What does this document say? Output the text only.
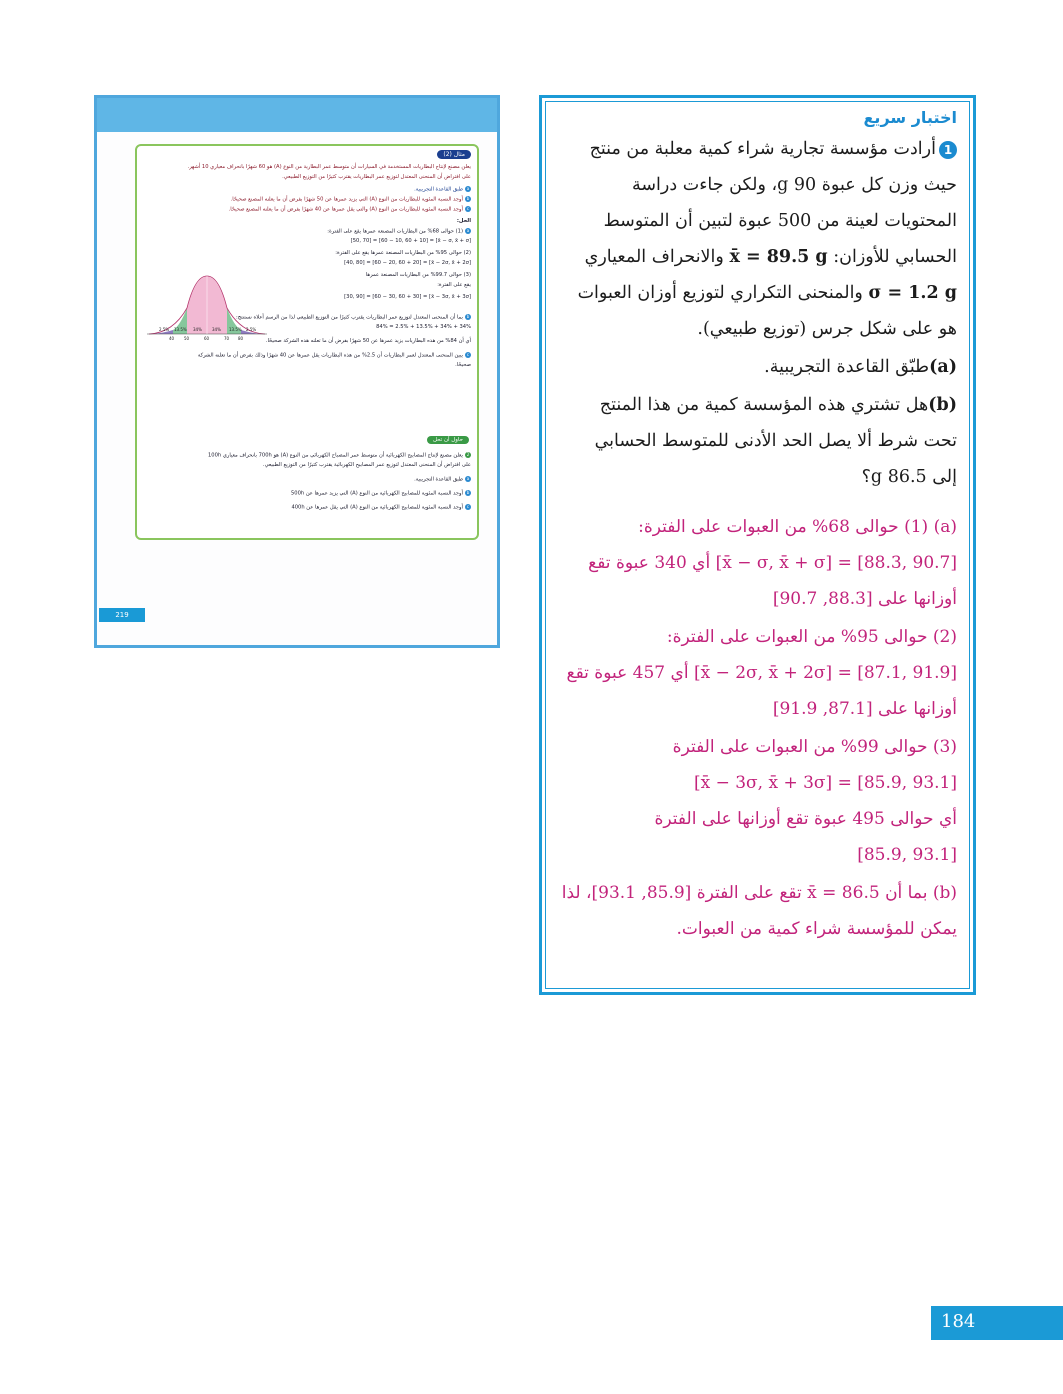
مثال (2)
يعلن مصنع لإنتاج البطاريات المستخدمة في السيارات أن متوسط عمر البطارية من النوع (A) هو 60 شهرًا بانحراف معياري 10 أشهر.
على افتراض أن المنحنى المعتدل لتوزيع عمر البطاريات يقترب كثيرًا من التوزيع الطبيعي.
aطبق القاعدة التجريبية.
bأوجد النسبة المئوية للبطاريات من النوع (A) التي يزيد عمرها عن 50 شهرًا بفرض أن ما يعلنه المصنع صحيحًا.
cأوجد النسبة المئوية للبطاريات من النوع (A) والتي يقل عمرها عن 40 شهرًا بفرض أن ما يعلنه المصنع صحيحًا.
الحل:
a(1) حوالى 68% من البطاريات المصنعة عمرها يقع على الفترة:
[x̄ − σ, x̄ + σ] = [60 − 10, 60 + 10] = [50, 70]
(2) حوالى 95% من البطاريات المصنعة عمرها يقع على الفترة:
[x̄ − 2σ, x̄ + 2σ] = [60 − 20, 60 + 20] = [40, 80]
(3) حوالى 99.7% من البطاريات المصنعة عمرها
يقع على الفترة:
[x̄ − 3σ, x̄ + 3σ] = [60 − 30, 60 + 30] = [30, 90]
bبما أن المنحنى المعتدل لتوزيع عمر البطاريات يقترب كثيرًا من التوزيع الطبيعي لذا من الرسم أعلاه نستنتج:
34% + 34% + 13.5% + 2.5% = 84%
أي أن 84% من هذه البطاريات يزيد عمرها عن 50 شهرًا بفرض أن ما تعلنه هذه الشركة صحيحًا.
cيبين المنحنى المعتدل لعمر البطاريات أن 2.5% من هذه البطاريات يقل عمرها عن 40 شهرًا وذلك بفرض أن ما تعلنه الشركة
صحيحًا.
حاول أن تحل
2يعلن مصنع لإنتاج المصابيح الكهربائية أن متوسط عمر المصباح الكهربائي من النوع (A) هو 700h بانحراف معياري 100h
على افتراض أن المنحنى المعتدل لتوزيع عمر المصابيح الكهربائية يقترب كثيرًا من التوزيع الطبيعي.
aطبق القاعدة التجريبية.
bأوجد النسبة المئوية للمصابيح الكهربائية من النوع (A) التي يزيد عمرها عن 500h
cأوجد النسبة المئوية للمصابيح الكهربائية من النوع (A) التي يقل عمرها عن 400h
2.5% 13.5% 34%	34% 13.5% 2.5%
40 50	60	70 80
219
اختبار سريع

1أرادت مؤسسة تجارية شراء كمية معلبة من منتج

حيث وزن كل عبوة 90 g، ولكن جاءت دراسة

المحتويات لعينة من 500 عبوة لتبين أن المتوسط

الحسابي للأوزان: x̄ = 89.5 g والانحراف المعياري

σ = 1.2 g والمنحنى التكراري لتوزيع أوزان العبوات

هو على شكل جرس (توزيع طبيعي).

(a)طبّق القاعدة التجريبية.

(b)هل تشتري هذه المؤسسة كمية من هذا المنتج

تحت شرط ألا يصل الحد الأدنى للمتوسط الحسابي

إلى 86.5 g؟

(a) (1) حوالى 68% من العبوات على الفترة:

[x̄ − σ, x̄ + σ] = [88.3, 90.7] أي 340 عبوة تقع

أوزانها على [88.3, 90.7]

(2) حوالى 95% من العبوات على الفترة:

[x̄ − 2σ, x̄ + 2σ] = [87.1, 91.9] أي 457 عبوة تقع

أوزانها على [87.1, 91.9]

(3) حوالى 99% من العبوات على الفترة

[x̄ − 3σ, x̄ + 3σ] = [85.9, 93.1]

أي حوالى 495 عبوة تقع أوزانها على الفترة

[85.9, 93.1]

(b) بما أن x̄ = 86.5 تقع على الفترة [85.9, 93.1]، لذا

يمكن للمؤسسة شراء كمية من العبوات.

184
